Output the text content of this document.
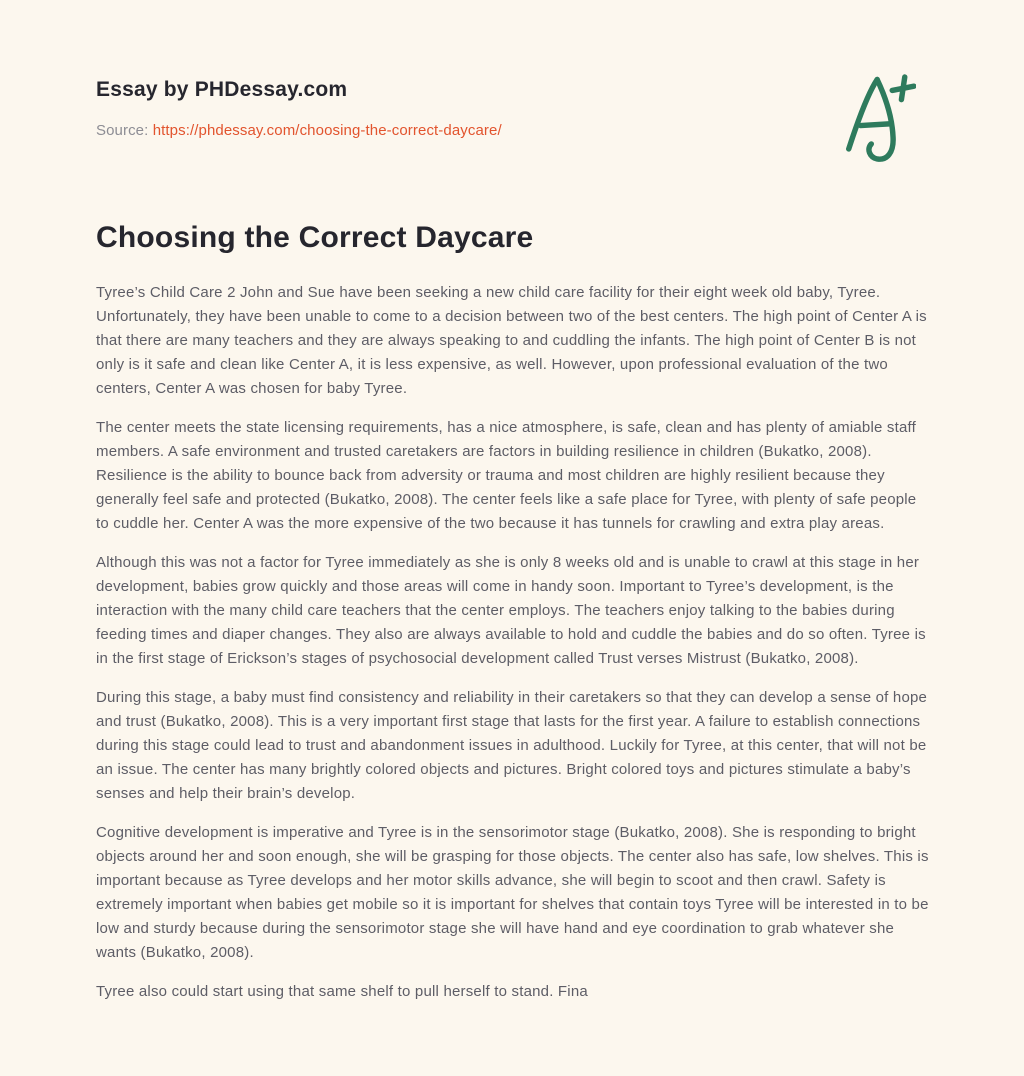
Essay by PHDessay.com

Source: https://phdessay.com/choosing-the-correct-daycare/

Choosing the Correct Daycare

Tyree’s Child Care 2 John and Sue have been seeking a new child care facility for their eight week old baby, Tyree. Unfortunately, they have been unable to come to a decision between two of the best centers. The high point of Center A is that there are many teachers and they are always speaking to and cuddling the infants. The high point of Center B is not only is it safe and clean like Center A, it is less expensive, as well. However, upon professional evaluation of the two centers, Center A was chosen for baby Tyree.

The center meets the state licensing requirements, has a nice atmosphere, is safe, clean and has plenty of amiable staff members. A safe environment and trusted caretakers are factors in building resilience in children (Bukatko, 2008). Resilience is the ability to bounce back from adversity or trauma and most children are highly resilient because they generally feel safe and protected (Bukatko, 2008). The center feels like a safe place for Tyree, with plenty of safe people to cuddle her. Center A was the more expensive of the two because it has tunnels for crawling and extra play areas.

Although this was not a factor for Tyree immediately as she is only 8 weeks old and is unable to crawl at this stage in her development, babies grow quickly and those areas will come in handy soon. Important to Tyree’s development, is the interaction with the many child care teachers that the center employs. The teachers enjoy talking to the babies during feeding times and diaper changes. They also are always available to hold and cuddle the babies and do so often. Tyree is in the first stage of Erickson’s stages of psychosocial development called Trust verses Mistrust (Bukatko, 2008).

During this stage, a baby must find consistency and reliability in their caretakers so that they can develop a sense of hope and trust (Bukatko, 2008). This is a very important first stage that lasts for the first year. A failure to establish connections during this stage could lead to trust and abandonment issues in adulthood. Luckily for Tyree, at this center, that will not be an issue. The center has many brightly colored objects and pictures. Bright colored toys and pictures stimulate a baby’s senses and help their brain’s develop.

Cognitive development is imperative and Tyree is in the sensorimotor stage (Bukatko, 2008). She is responding to bright objects around her and soon enough, she will be grasping for those objects. The center also has safe, low shelves. This is important because as Tyree develops and her motor skills advance, she will begin to scoot and then crawl. Safety is extremely important when babies get mobile so it is important for shelves that contain toys Tyree will be interested in to be low and sturdy because during the sensorimotor stage she will have hand and eye coordination to grab whatever she wants (Bukatko, 2008).

Tyree also could start using that same shelf to pull herself to stand. Fina
